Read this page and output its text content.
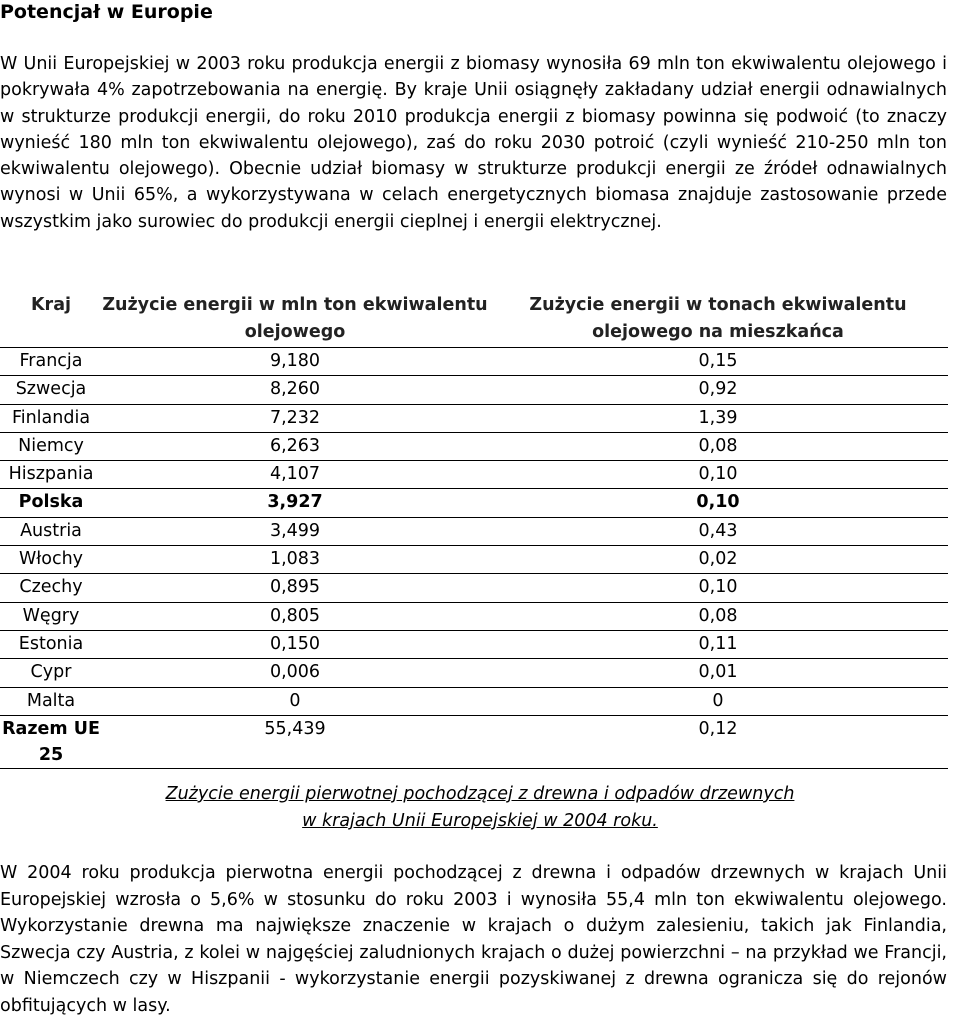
Potencjał w Europie

W Unii Europejskiej w 2003 roku produkcja energii z biomasy wynosiła 69 mln ton ekwiwalentu olejowego i pokrywała 4% zapotrzebowania na energię. By kraje Unii osiągnęły zakładany udział energii odnawialnych w strukturze produkcji energii, do roku 2010 produkcja energii z biomasy powinna się podwoić (to znaczy wynieść 180 mln ton ekwiwalentu olejowego), zaś do roku 2030 potroić (czyli wynieść 210-250 mln ton ekwiwalentu olejowego). Obecnie udział biomasy w strukturze produkcji energii ze źródeł odnawialnych wynosi w Unii 65%, a wykorzystywana w celach energetycznych biomasa znajduje zastosowanie przede wszystkim jako surowiec do produkcji energii cieplnej i energii elektrycznej.

Kraj	Zużycie energii w mln ton ekwiwalentu olejowego	Zużycie energii w tonach ekwiwalentu olejowego na mieszkańca
Francja	9,180	0,15
Szwecja	8,260	0,92
Finlandia	7,232	1,39
Niemcy	6,263	0,08
Hiszpania	4,107	0,10
Polska	3,927	0,10
Austria	3,499	0,43
Włochy	1,083	0,02
Czechy	0,895	0,10
Węgry	0,805	0,08
Estonia	0,150	0,11
Cypr	0,006	0,01
Malta	0	0
Razem UE 25	55,439	0,12

Zużycie energii pierwotnej pochodzącej z drewna i odpadów drzewnych
w krajach Unii Europejskiej w 2004 roku.

W 2004 roku produkcja pierwotna energii pochodzącej z drewna i odpadów drzewnych w krajach Unii Europejskiej wzrosła o 5,6% w stosunku do roku 2003 i wynosiła 55,4 mln ton ekwiwalentu olejowego. Wykorzystanie drewna ma największe znaczenie w krajach o dużym zalesieniu, takich jak Finlandia, Szwecja czy Austria, z kolei w najgęściej zaludnionych krajach o dużej powierzchni – na przykład we Francji, w Niemczech czy w Hiszpanii - wykorzystanie energii pozyskiwanej z drewna ogranicza się do rejonów obfitujących w lasy.
